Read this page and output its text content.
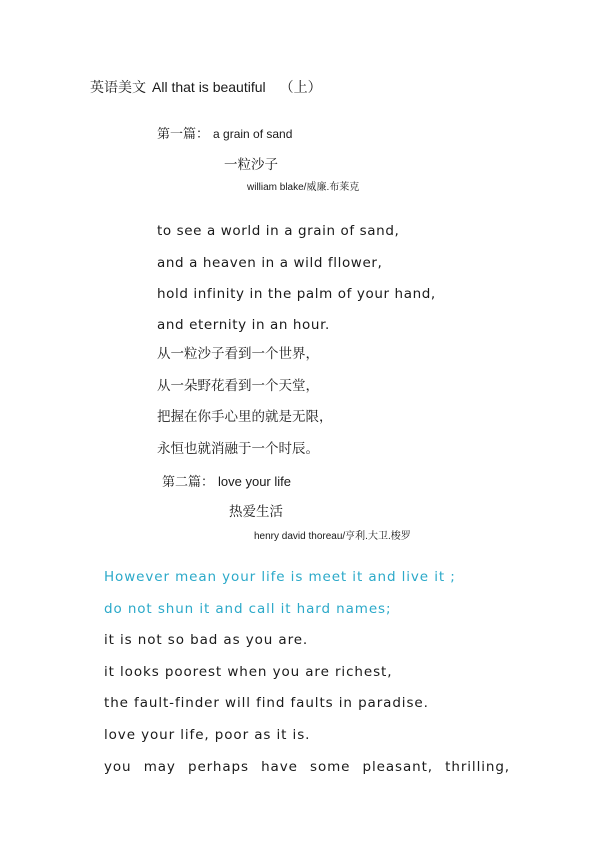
英语美文 All that is beautiful （上）
第一篇： a grain of sand
一粒沙子
william blake/威廉.布莱克
to see a world in a grain of sand,
and a heaven in a wild fllower,
hold infinity in the palm of your hand,
and eternity in an hour.
从一粒沙子看到一个世界，
从一朵野花看到一个天堂，
把握在你手心里的就是无限，
永恒也就消融于一个时辰。
第二篇： love your life
热爱生活
henry david thoreau/亨利.大卫.梭罗
However mean your life is meet it and live it ;
do not shun it and call it hard names;
it is not so bad as you are.
it looks poorest when you are richest,
the fault-finder will find faults in paradise.
love your life, poor as it is.
you may perhaps have some pleasant, thrilling,
